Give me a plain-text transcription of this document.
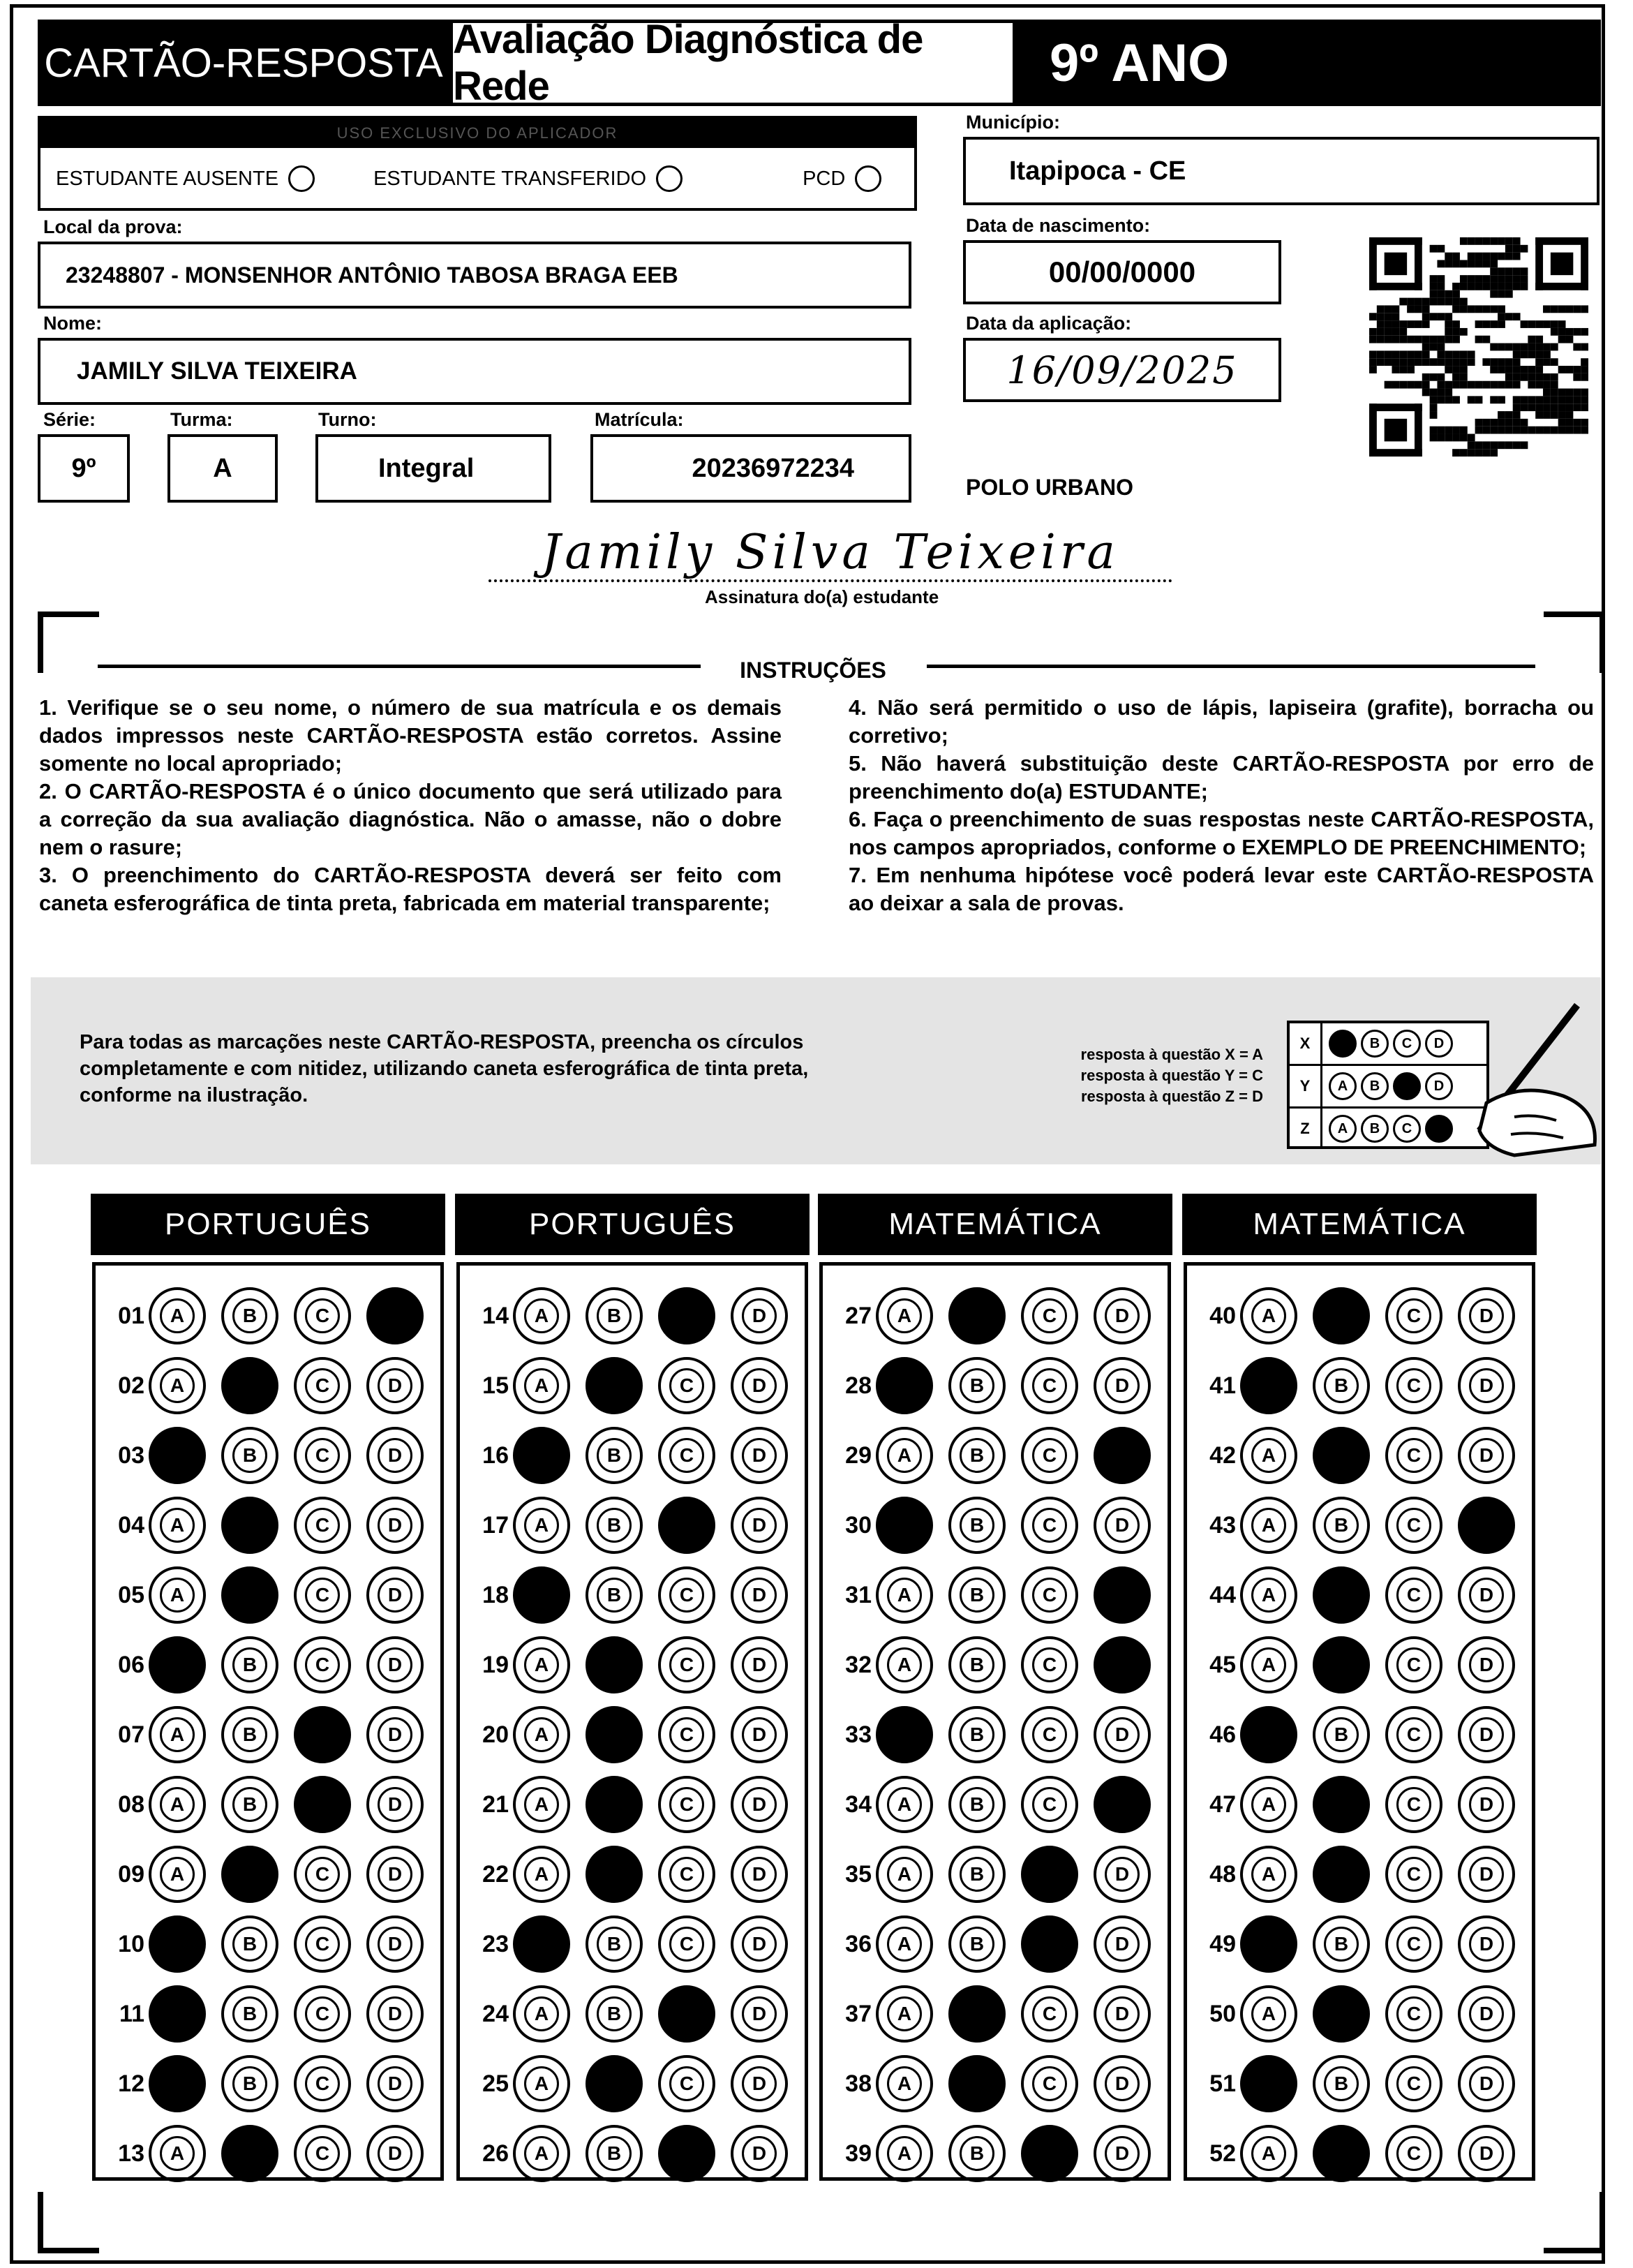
CARTÃO-RESPOSTA
Avaliação Diagnóstica de Rede	9º ANO
USO EXCLUSIVO DO APLICADOR
ESTUDANTE AUSENTE	ESTUDANTE TRANSFERIDO	PCD
Município:
Itapipoca - CE
Local da prova:
23248807 - MONSENHOR ANTÔNIO TABOSA BRAGA EEB
Data de nascimento:
00/00/0000
Nome:
JAMILY SILVA TEIXEIRA
Data da aplicação:
16/09/2025
Série:
9º
Turma:
A
Turno:
Integral
Matrícula:
20236972234
POLO URBANO
Jamily Silva Teixeira
Assinatura do(a) estudante
INSTRUÇÕES
1. Verifique se o seu nome, o número de sua matrícula e os demais dados impressos neste CARTÃO-RESPOSTA estão corretos. Assine somente no local apropriado;
2. O CARTÃO-RESPOSTA é o único documento que será utilizado para a correção da sua avaliação diagnóstica. Não o amasse, não o dobre nem o rasure;
3. O preenchimento do CARTÃO-RESPOSTA deverá ser feito com caneta esferográfica de tinta preta, fabricada em material transparente;
4. Não será permitido o uso de lápis, lapiseira (grafite), borracha ou corretivo;
5. Não haverá substituição deste CARTÃO-RESPOSTA por erro de preenchimento do(a) ESTUDANTE;
6. Faça o preenchimento de suas respostas neste CARTÃO-RESPOSTA, nos campos apropriados, conforme o EXEMPLO DE PREENCHIMENTO;
7. Em nenhuma hipótese você poderá levar este CARTÃO-RESPOSTA ao deixar a sala de provas.
Para todas as marcações neste CARTÃO-RESPOSTA, preencha os círculos completamente e com nitidez, utilizando caneta esferográfica de tinta preta, conforme na ilustração.
resposta à questão X = A
resposta à questão Y = C
resposta à questão Z = D
X	A	B	C	D
Y	A	B	C	D
Z	A	B	C	D
PORTUGUÊS
01	A	B	C	D
02	A	B	C	D
03	A	B	C	D
04	A	B	C	D
05	A	B	C	D
06	A	B	C	D
07	A	B	C	D
08	A	B	C	D
09	A	B	C	D
10	A	B	C	D
11	A	B	C	D
12	A	B	C	D
13	A	B	C	D
PORTUGUÊS
14	A	B	C	D
15	A	B	C	D
16	A	B	C	D
17	A	B	C	D
18	A	B	C	D
19	A	B	C	D
20	A	B	C	D
21	A	B	C	D
22	A	B	C	D
23	A	B	C	D
24	A	B	C	D
25	A	B	C	D
26	A	B	C	D
MATEMÁTICA
27	A	B	C	D
28	A	B	C	D
29	A	B	C	D
30	A	B	C	D
31	A	B	C	D
32	A	B	C	D
33	A	B	C	D
34	A	B	C	D
35	A	B	C	D
36	A	B	C	D
37	A	B	C	D
38	A	B	C	D
39	A	B	C	D
MATEMÁTICA
40	A	B	C	D
41	A	B	C	D
42	A	B	C	D
43	A	B	C	D
44	A	B	C	D
45	A	B	C	D
46	A	B	C	D
47	A	B	C	D
48	A	B	C	D
49	A	B	C	D
50	A	B	C	D
51	A	B	C	D
52	A	B	C	D
